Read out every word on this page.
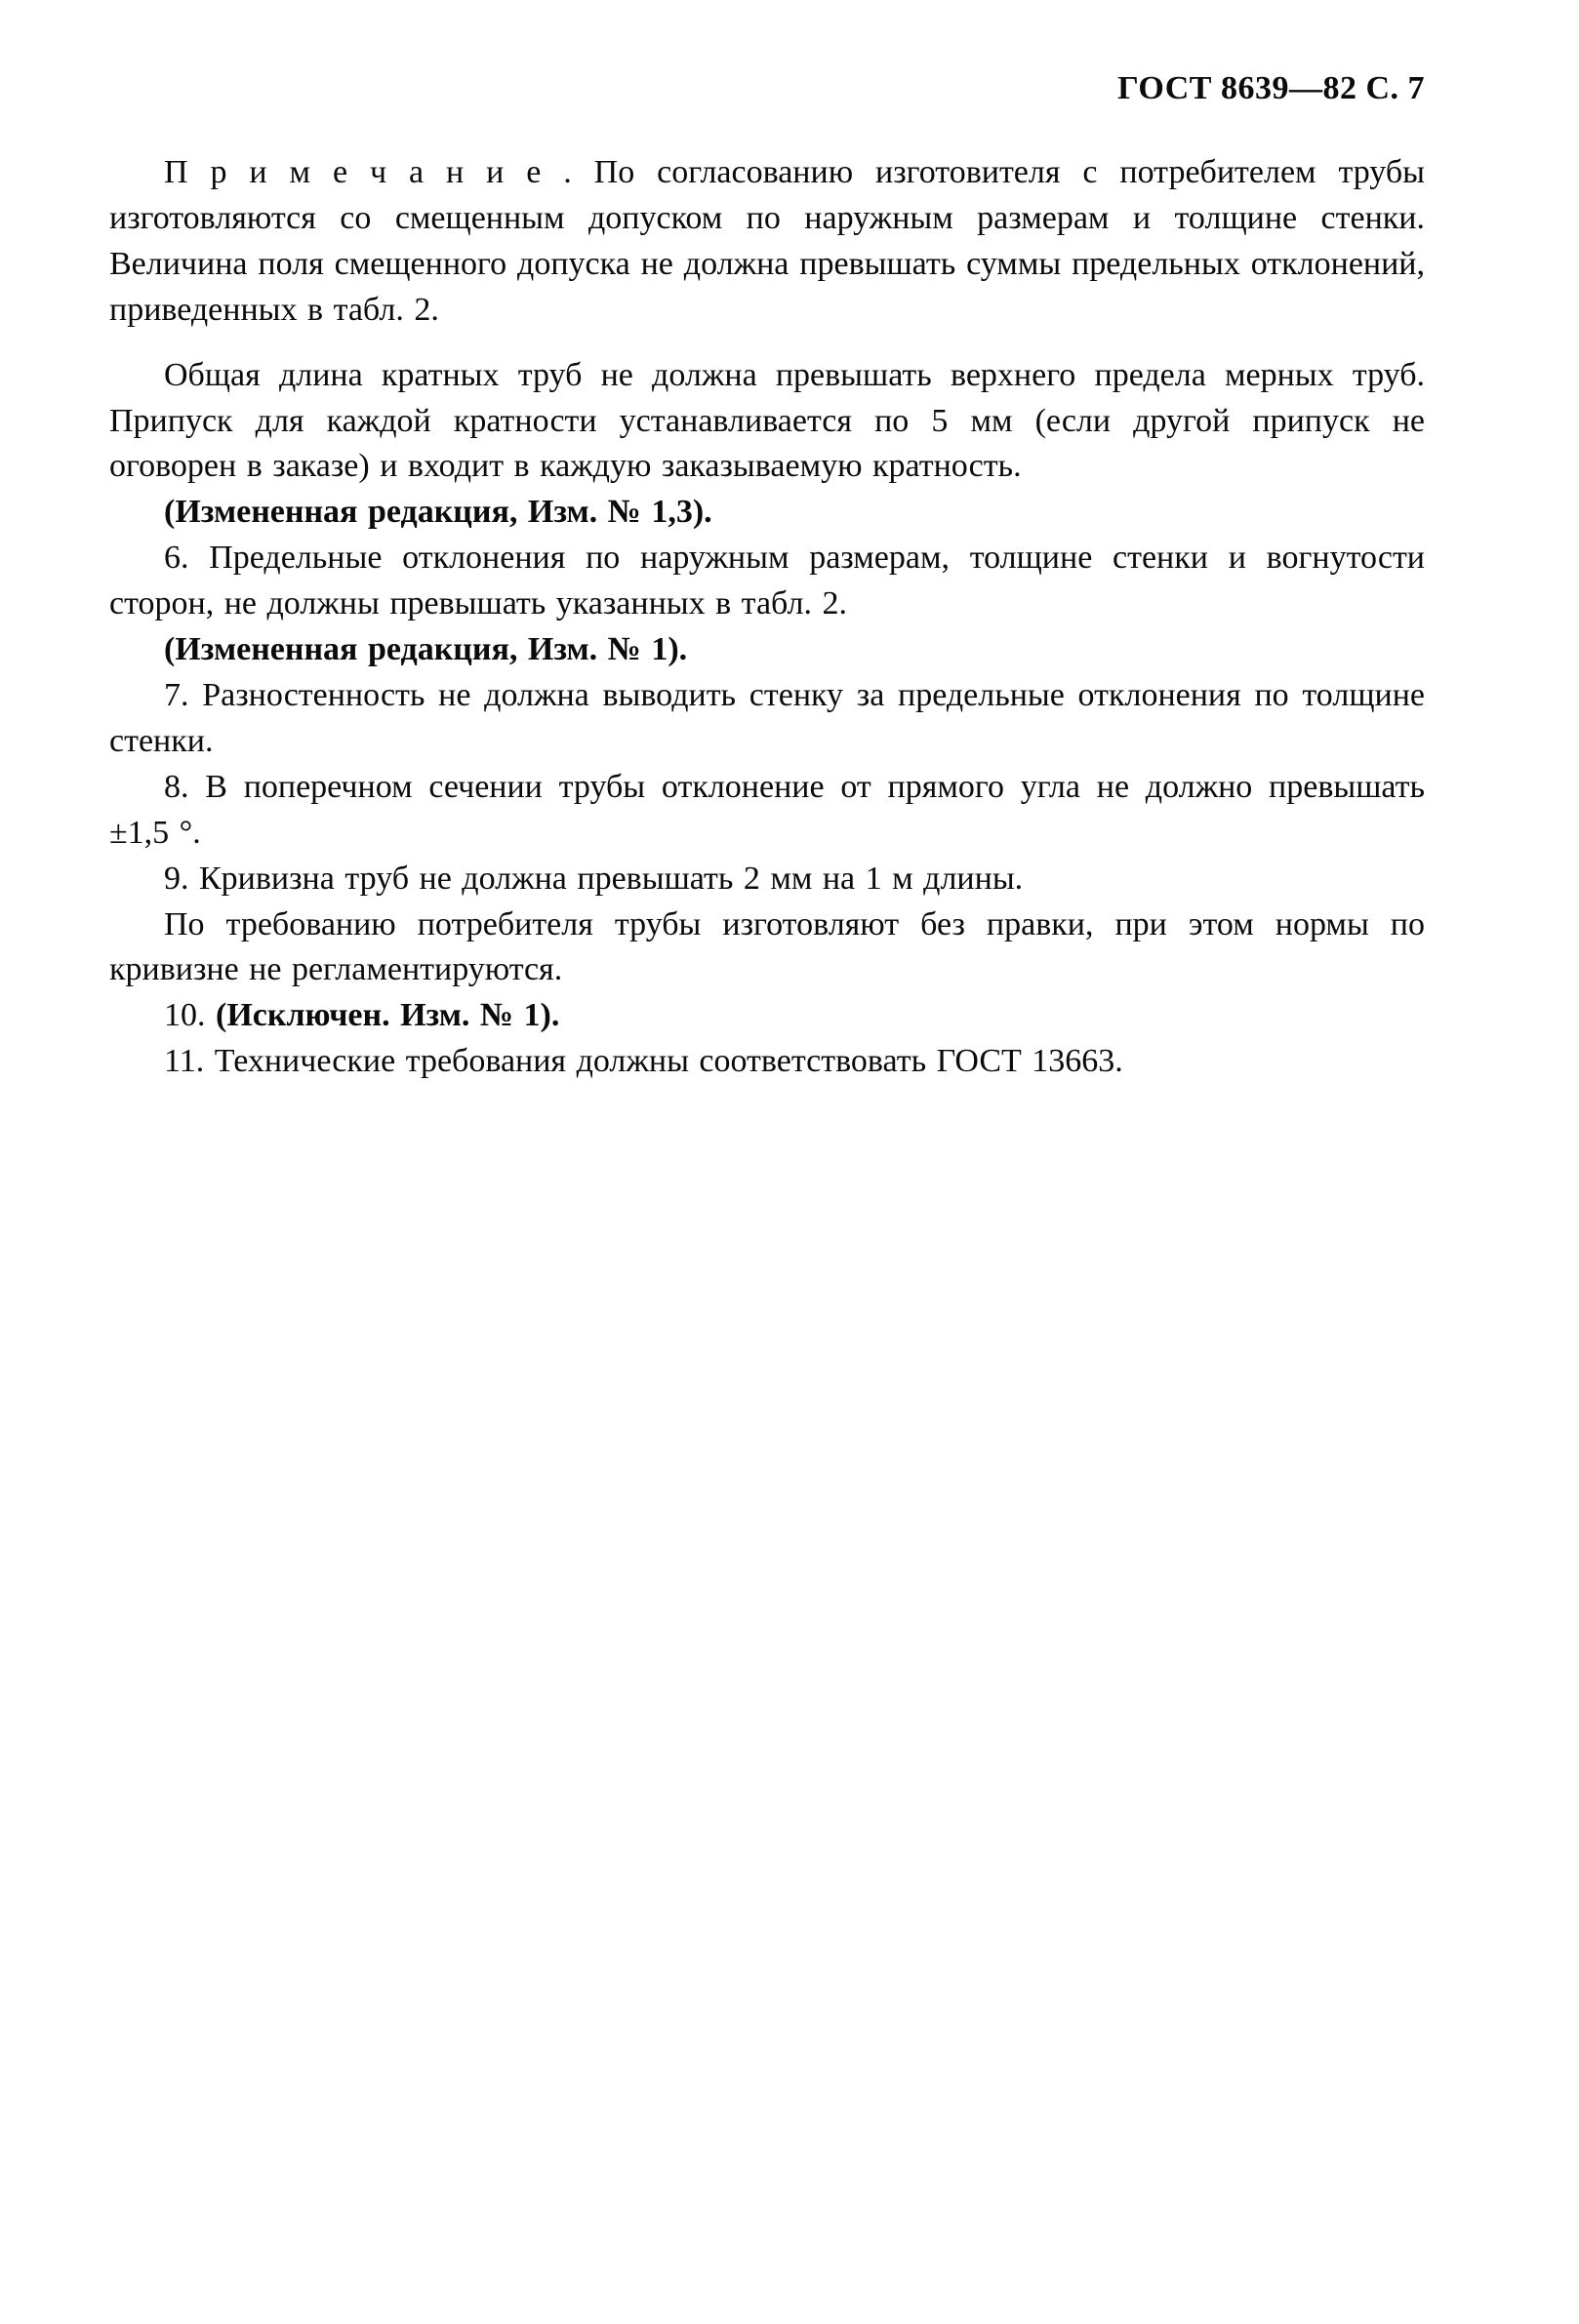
ГОСТ 8639—82 С. 7

П р и м е ч а н и е . По согласованию изготовителя с потребителем трубы изготовляются со смещенным допуском по наружным размерам и толщине стенки. Величина поля смещенного допуска не должна превышать суммы предельных отклонений, приведенных в табл. 2.

Общая длина кратных труб не должна превышать верхнего предела мерных труб. Припуск для каждой кратности устанавливается по 5 мм (если другой припуск не оговорен в заказе) и входит в каждую заказываемую кратность.

(Измененная редакция, Изм. № 1,3).

6. Предельные отклонения по наружным размерам, толщине стенки и вогнутости сторон, не должны превышать указанных в табл. 2.

(Измененная редакция, Изм. № 1).

7. Разностенность не должна выводить стенку за предельные отклонения по толщине стенки.

8. В поперечном сечении трубы отклонение от прямого угла не должно превышать ±1,5 °.

9. Кривизна труб не должна превышать 2 мм на 1 м длины.

По требованию потребителя трубы изготовляют без правки, при этом нормы по кривизне не регламентируются.

10. (Исключен. Изм. № 1).

11. Технические требования должны соответствовать ГОСТ 13663.
